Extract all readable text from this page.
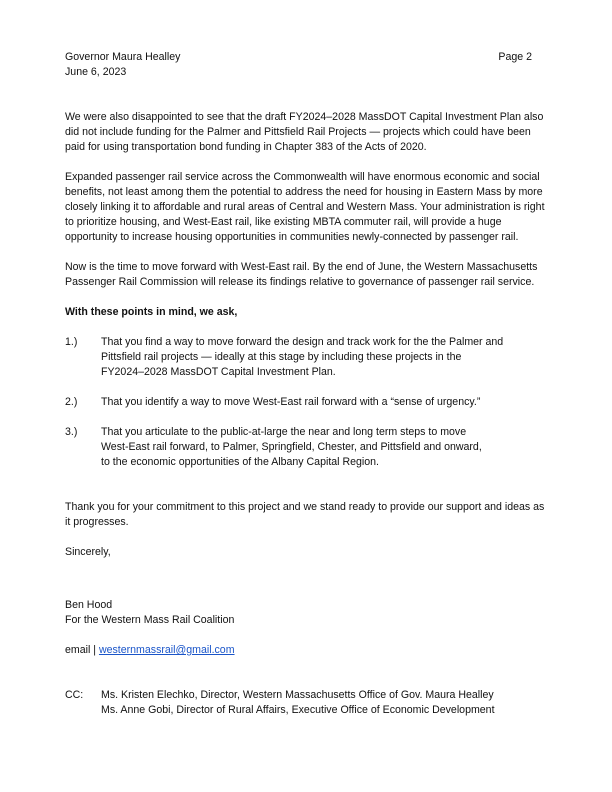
Governor Maura Healley	Page 2
June 6, 2023

We were also disappointed to see that the draft FY2024–2028 MassDOT Capital Investment Plan also did not include funding for the Palmer and Pittsfield Rail Projects — projects which could have been paid for using transportation bond funding in Chapter 383 of the Acts of 2020.

Expanded passenger rail service across the Commonwealth will have enormous economic and social benefits, not least among them the potential to address the need for housing in Eastern Mass by more closely linking it to affordable and rural areas of Central and Western Mass. Your administration is right to prioritize housing, and West-East rail, like existing MBTA commuter rail, will provide a huge opportunity to increase housing opportunities in communities newly-connected by passenger rail.

Now is the time to move forward with West-East rail. By the end of June, the Western Massachusetts Passenger Rail Commission will release its findings relative to governance of passenger rail service.

With these points in mind, we ask,

1.)	That you find a way to move forward the design and track work for the the Palmer and
Pittsfield rail projects — ideally at this stage by including these projects in the
FY2024–2028 MassDOT Capital Investment Plan.
2.)	That you identify a way to move West-East rail forward with a “sense of urgency.”
3.)	That you articulate to the public-at-large the near and long term steps to move
West-East rail forward, to Palmer, Springfield, Chester, and Pittsfield and onward,
to the economic opportunities of the Albany Capital Region.

Thank you for your commitment to this project and we stand ready to provide our support and ideas as it progresses.

Sincerely,

Ben Hood
For the Western Mass Rail Coalition
email | westernmassrail@gmail.com
CC:	Ms. Kristen Elechko, Director, Western Massachusetts Office of Gov. Maura Healley
Ms. Anne Gobi, Director of Rural Affairs, Executive Office of Economic Development
